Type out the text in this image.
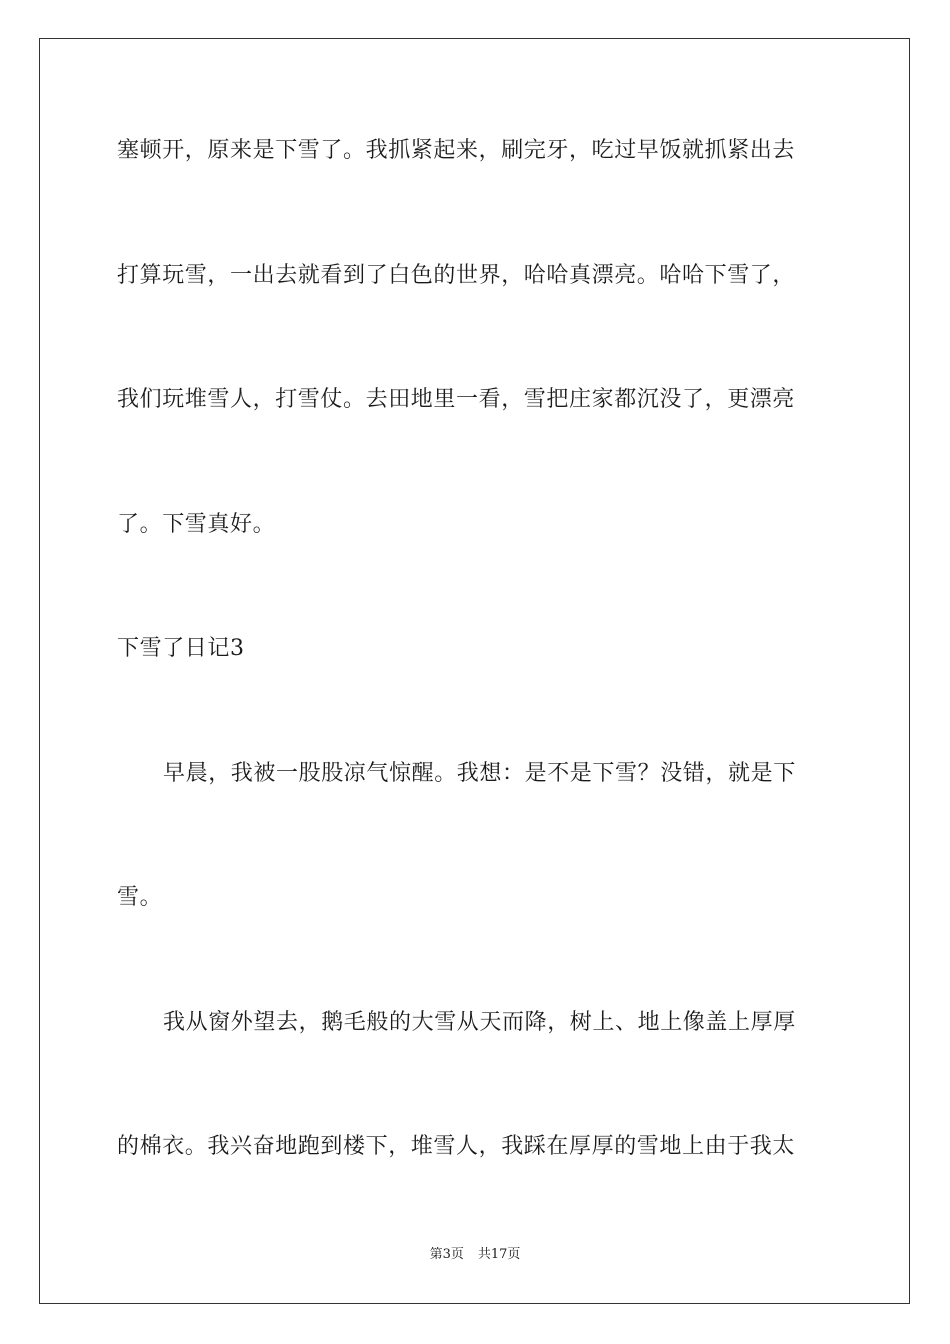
塞顿开，原来是下雪了。我抓紧起来，刷完牙，吃过早饭就抓紧出去
打算玩雪，一出去就看到了白色的世界，哈哈真漂亮。哈哈下雪了，
我们玩堆雪人，打雪仗。去田地里一看，雪把庄家都沉没了，更漂亮
了。下雪真好。
下雪了日记3
早晨，我被一股股凉气惊醒。我想：是不是下雪？没错，就是下
雪。
我从窗外望去，鹅毛般的大雪从天而降，树上、地上像盖上厚厚
的棉衣。我兴奋地跑到楼下，堆雪人，我踩在厚厚的雪地上由于我太
第3页 共17页
